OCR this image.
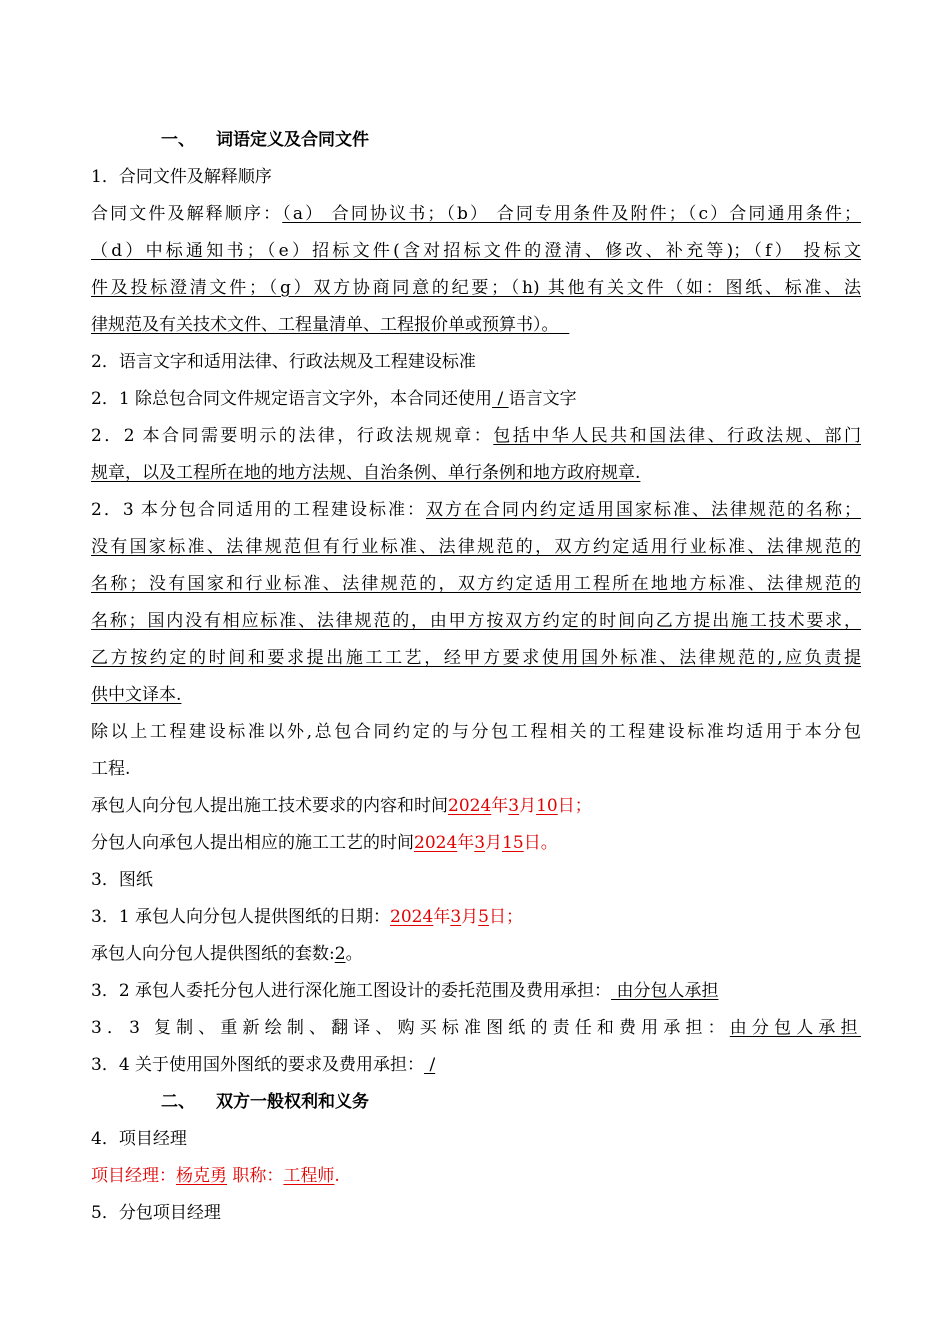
一、 词语定义及合同文件
1．合同文件及解释顺序
合同文件及解释顺序：（a） 合同协议书；（b） 合同专用条件及附件；（c）合同通用条件；
（d）中标通知书；（e）招标文件(含对招标文件的澄清、修改、补充等)；（f） 投标文
件及投标澄清文件；（g）双方协商同意的纪要；（h) 其他有关文件（如：图纸、标准、法
律规范及有关技术文件、工程量清单、工程报价单或预算书）。
2．语言文字和适用法律、行政法规及工程建设标准
2．1 除总包合同文件规定语言文字外，本合同还使用 / 语言文字
2．2 本合同需要明示的法律，行政法规规章：包括中华人民共和国法律、行政法规、部门
规章，以及工程所在地的地方法规、自治条例、单行条例和地方政府规章.
2．3 本分包合同适用的工程建设标准：双方在合同内约定适用国家标准、法律规范的名称；
没有国家标准、法律规范但有行业标准、法律规范的，双方约定适用行业标准、法律规范的
名称；没有国家和行业标准、法律规范的，双方约定适用工程所在地地方标准、法律规范的
名称；国内没有相应标准、法律规范的，由甲方按双方约定的时间向乙方提出施工技术要求，
乙方按约定的时间和要求提出施工工艺，经甲方要求使用国外标准、法律规范的,应负责提
供中文译本.
除以上工程建设标准以外,总包合同约定的与分包工程相关的工程建设标准均适用于本分包
工程.
承包人向分包人提出施工技术要求的内容和时间2024年3月10日；
分包人向承包人提出相应的施工工艺的时间2024年3月15日。
3．图纸
3．1 承包人向分包人提供图纸的日期：2024年3月5日；
承包人向分包人提供图纸的套数:2。
3．2 承包人委托分包人进行深化施工图设计的委托范围及费用承担： 由分包人承担
3．3 复制、重新绘制、翻译、购买标准图纸的责任和费用承担：由分包人承担
3．4 关于使用国外图纸的要求及费用承担： /
二、 双方一般权利和义务
4．项目经理
项目经理：杨克勇 职称：工程师.
5．分包项目经理
